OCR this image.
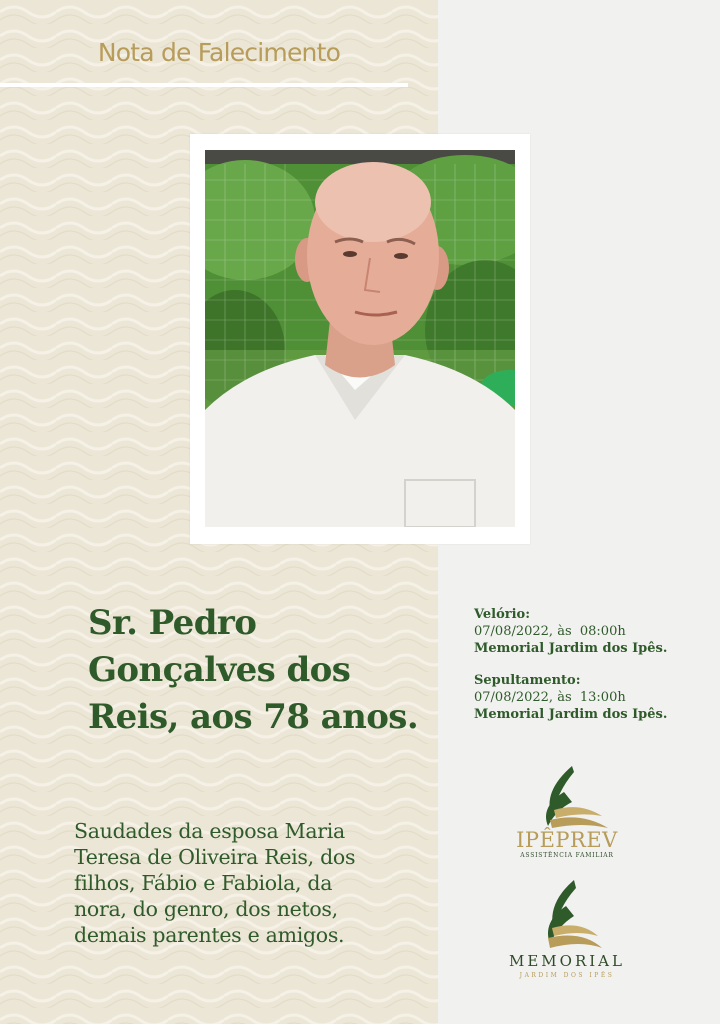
Nota de Falecimento
Sr. Pedro
Gonçalves dos
Reis, aos 78 anos.
Saudades da esposa Maria
Teresa de Oliveira Reis, dos
filhos, Fábio e Fabiola, da
nora, do genro, dos netos,
demais parentes e amigos.
Velório:
07/08/2022, às  08:00h
Memorial Jardim dos Ipês.
Sepultamento:
07/08/2022, às  13:00h
Memorial Jardim dos Ipês.
IPÊPREV
ASSISTÊNCIA FAMILIAR
MEMORIAL
JARDIM DOS IPÊS
